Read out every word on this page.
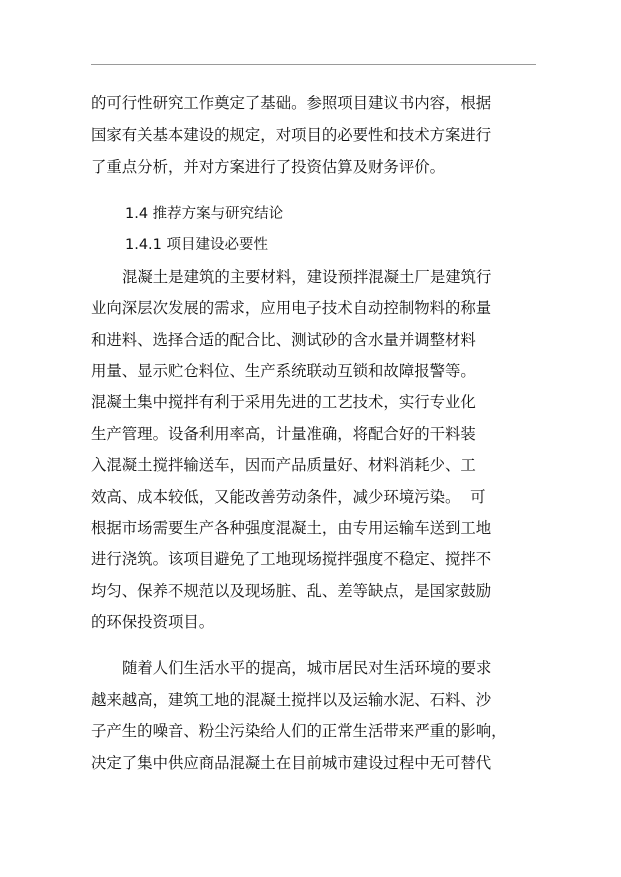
的可行性研究工作奠定了基础。参照项目建议书内容，根据
国家有关基本建设的规定，对项目的必要性和技术方案进行
了重点分析，并对方案进行了投资估算及财务评价。
1.4 推荐方案与研究结论
1.4.1 项目建设必要性
混凝土是建筑的主要材料，建设预拌混凝土厂是建筑行
业向深层次发展的需求，应用电子技术自动控制物料的称量
和进料、选择合适的配合比、测试砂的含水量并调整材料
用量、显示贮仓料位、生产系统联动互锁和故障报警等。
混凝土集中搅拌有利于采用先进的工艺技术，实行专业化
生产管理。设备利用率高，计量准确，将配合好的干料装
入混凝土搅拌输送车，因而产品质量好、材料消耗少、工
效高、成本较低，又能改善劳动条件，减少环境污染。  可
根据市场需要生产各种强度混凝土，由专用运输车送到工地
进行浇筑。该项目避免了工地现场搅拌强度不稳定、搅拌不
均匀、保养不规范以及现场脏、乱、差等缺点，是国家鼓励
的环保投资项目。
随着人们生活水平的提高，城市居民对生活环境的要求
越来越高，建筑工地的混凝土搅拌以及运输水泥、石料、沙
子产生的噪音、粉尘污染给人们的正常生活带来严重的影响，
决定了集中供应商品混凝土在目前城市建设过程中无可替代
